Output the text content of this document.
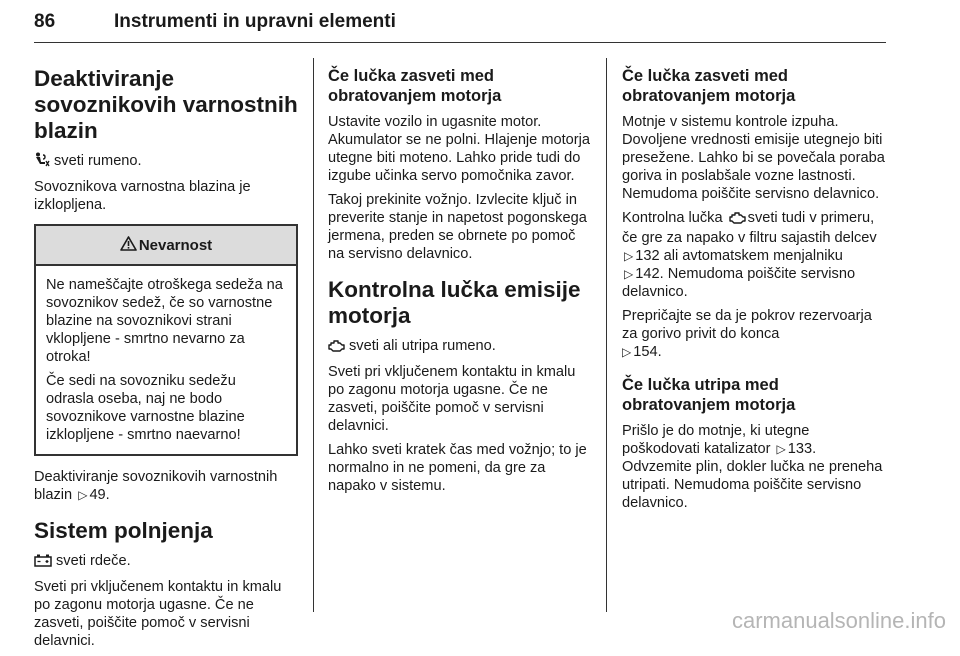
86	Instrumenti in upravni elementi
Deaktiviranje sovoznikovih varnostnih blazin

sveti rumeno.

Sovoznikova varnostna blazina je izklopljena.

Nevarnost

Ne nameščajte otroškega sedeža na sovoznikov sedež, če so varnostne blazine na sovoznikovi strani vklopljene - smrtno nevarno za otroka!

Če sedi na sovozniku sedežu odrasla oseba, naj ne bodo sovoznikove varnostne blazine izklopljene - smrtno naevarno!

Deaktiviranje sovoznikovih varnostnih blazin ▷ 49.

Sistem polnjenja

sveti rdeče.

Sveti pri vključenem kontaktu in kmalu po zagonu motorja ugasne. Če ne zasveti, poiščite pomoč v servisni delavnici.

Če lučka zasveti med obratovanjem motorja

Ustavite vozilo in ugasnite motor. Akumulator se ne polni. Hlajenje motorja utegne biti moteno. Lahko pride tudi do izgube učinka servo pomočnika zavor.

Takoj prekinite vožnjo. Izvlecite ključ in preverite stanje in napetost pogonskega jermena, preden se obrnete po pomoč na servisno delavnico.

Kontrolna lučka emisije motorja

sveti ali utripa rumeno.

Sveti pri vključenem kontaktu in kmalu po zagonu motorja ugasne. Če ne zasveti, poiščite pomoč v servisni delavnici.

Lahko sveti kratek čas med vožnjo; to je normalno in ne pomeni, da gre za napako v sistemu.

Če lučka zasveti med obratovanjem motorja

Motnje v sistemu kontrole izpuha. Dovoljene vrednosti emisije utegnejo biti presežene. Lahko bi se povečala poraba goriva in poslabšale vozne lastnosti. Nemudoma poiščite servisno delavnico.

Kontrolna lučka sveti tudi v primeru, če gre za napako v filtru sajastih delcev ▷ 132 ali avtomatskem menjalniku ▷ 142. Nemudoma poiščite servisno delavnico.

Prepričajte se da je pokrov rezervoarja za gorivo privit do konca
▷ 154.

Če lučka utripa med obratovanjem motorja

Prišlo je do motnje, ki utegne poškodovati katalizator ▷ 133. Odvzemite plin, dokler lučka ne preneha utripati. Nemudoma poiščite servisno delavnico.

carmanualsonline.info
